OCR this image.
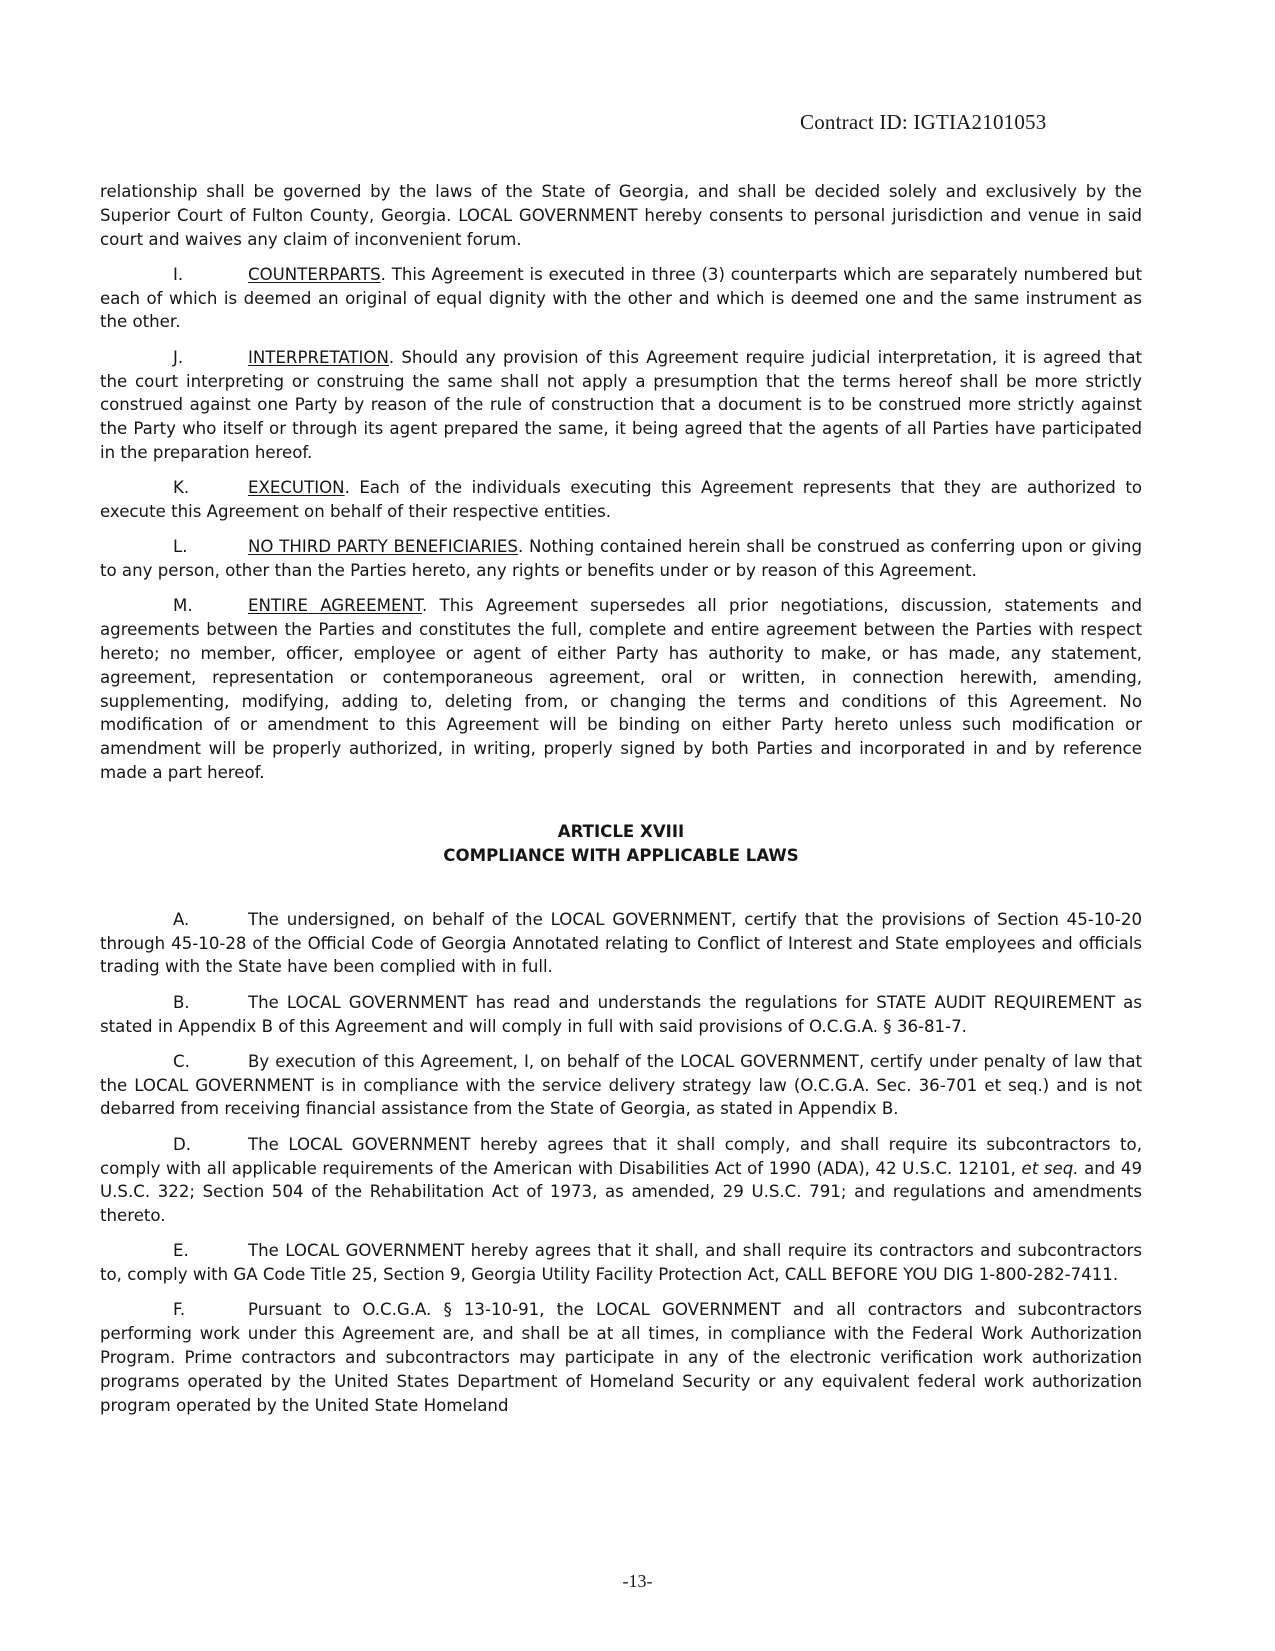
Contract ID: IGTIA2101053

relationship shall be governed by the laws of the State of Georgia, and shall be decided solely and exclusively by the Superior Court of Fulton County, Georgia. LOCAL GOVERNMENT hereby consents to personal jurisdiction and venue in said court and waives any claim of inconvenient forum.

I.	COUNTERPARTS. This Agreement is executed in three (3) counterparts which are separately numbered but each of which is deemed an original of equal dignity with the other and which is deemed one and the same instrument as the other.

J.	INTERPRETATION. Should any provision of this Agreement require judicial interpretation, it is agreed that the court interpreting or construing the same shall not apply a presumption that the terms hereof shall be more strictly construed against one Party by reason of the rule of construction that a document is to be construed more strictly against the Party who itself or through its agent prepared the same, it being agreed that the agents of all Parties have participated in the preparation hereof.

K.	EXECUTION. Each of the individuals executing this Agreement represents that they are authorized to execute this Agreement on behalf of their respective entities.

L.	NO THIRD PARTY BENEFICIARIES. Nothing contained herein shall be construed as conferring upon or giving to any person, other than the Parties hereto, any rights or benefits under or by reason of this Agreement.

M.	ENTIRE AGREEMENT. This Agreement supersedes all prior negotiations, discussion, statements and agreements between the Parties and constitutes the full, complete and entire agreement between the Parties with respect hereto; no member, officer, employee or agent of either Party has authority to make, or has made, any statement, agreement, representation or contemporaneous agreement, oral or written, in connection herewith, amending, supplementing, modifying, adding to, deleting from, or changing the terms and conditions of this Agreement. No modification of or amendment to this Agreement will be binding on either Party hereto unless such modification or amendment will be properly authorized, in writing, properly signed by both Parties and incorporated in and by reference made a part hereof.

ARTICLE XVIII
COMPLIANCE WITH APPLICABLE LAWS

A.	The undersigned, on behalf of the LOCAL GOVERNMENT, certify that the provisions of Section 45-10-20 through 45-10-28 of the Official Code of Georgia Annotated relating to Conflict of Interest and State employees and officials trading with the State have been complied with in full.

B.	The LOCAL GOVERNMENT has read and understands the regulations for STATE AUDIT REQUIREMENT as stated in Appendix B of this Agreement and will comply in full with said provisions of O.C.G.A. § 36-81-7.

C.	By execution of this Agreement, I, on behalf of the LOCAL GOVERNMENT, certify under penalty of law that the LOCAL GOVERNMENT is in compliance with the service delivery strategy law (O.C.G.A. Sec. 36-701 et seq.) and is not debarred from receiving financial assistance from the State of Georgia, as stated in Appendix B.

D.	The LOCAL GOVERNMENT hereby agrees that it shall comply, and shall require its subcontractors to, comply with all applicable requirements of the American with Disabilities Act of 1990 (ADA), 42 U.S.C. 12101, et seq. and 49 U.S.C. 322; Section 504 of the Rehabilitation Act of 1973, as amended, 29 U.S.C. 791; and regulations and amendments thereto.

E.	The LOCAL GOVERNMENT hereby agrees that it shall, and shall require its contractors and subcontractors to, comply with GA Code Title 25, Section 9, Georgia Utility Facility Protection Act, CALL BEFORE YOU DIG 1-800-282-7411.

F.	Pursuant to O.C.G.A. § 13-10-91, the LOCAL GOVERNMENT and all contractors and subcontractors performing work under this Agreement are, and shall be at all times, in compliance with the Federal Work Authorization Program. Prime contractors and subcontractors may participate in any of the electronic verification work authorization programs operated by the United States Department of Homeland Security or any equivalent federal work authorization program operated by the United State Homeland

-13-
